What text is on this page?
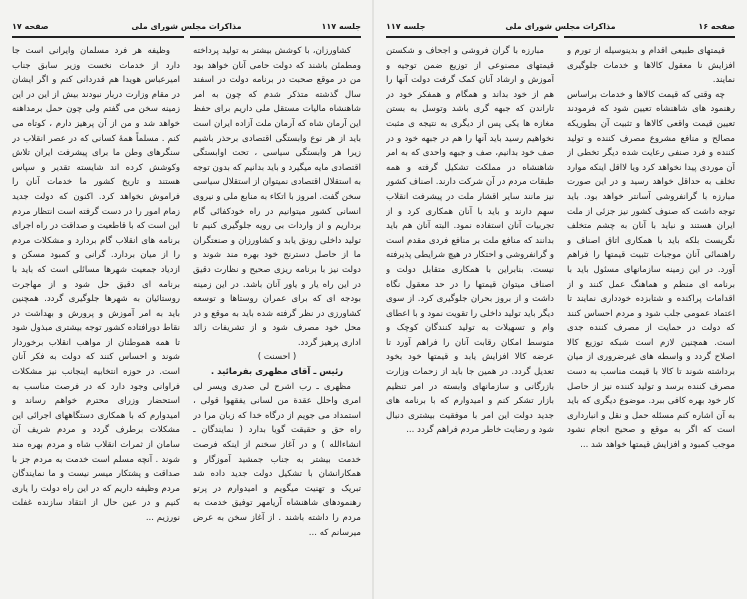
جلسه ۱۱۷
مذاکرات مجلس شورای ملی
صفحه ۱۷

کشاورزان، با کوشش بیشتر به تولید پرداخته ومطمئن باشند که دولت حامی آنان خواهد بود من در موقع صحبت در برنامه دولت در اسفند سال گذشته متذکر شدم که چون به امر شاهنشاه مالیات مستقل ملی داریم برای حفظ این آرمان شاه که آرمان ملت آزاده ایران است باید از هر نوع وابستگی اقتصادی برحذر باشیم زیرا هر وابستگی سیاسی ، تحت اوابستگی اقتصادی مایه میگیرد و باید بدانیم که بدون توجه به استقلال اقتصادی نمیتوان از استقلال سیاسی سخن گفت. امروز با اتکاء به منابع ملی و نیروی انسانی کشور میتوانیم در راه خودکفائی گام برداریم و از واردات بی رویه جلوگیری کنیم تا تولید داخلی رونق یابد و کشاورزان و صنعتگران ما از حاصل دسترنج خود بهره مند شوند و دولت نیز با برنامه ریزی صحیح و نظارت دقیق در این راه یار و یاور آنان باشد. در این زمینه بودجه ای که برای عمران روستاها و توسعه کشاورزی در نظر گرفته شده باید به موقع و در محل خود مصرف شود و از تشریفات زائد اداری پرهیز گردد.

( احسنت )

رئیس ـ آقای مظهری بفرمائید .

مظهری ـ رب اشرح لی صدری ویسر لی امری واحلل عقدة من لسانی یفقهوا قولی ، استمداد می جویم از درگاه خدا که زبان مرا در راه حق و حقیقت گویا بدارد ( نمایندگان ـ انشاءالله ) و در آغاز سخنم از اینکه فرصت خدمت بیشتر به جناب جمشید آموزگار و همکارانشان با تشکیل دولت جدید داده شد تبریک و تهنیت میگویم و امیدوارم در پرتو رهنمودهای شاهنشاه آریامهر توفیق خدمت به مردم را داشته باشند . از آغاز سخن به عرض میرسانم که ...

وظیفه هر فرد مسلمان وایرانی است جا دارد از خدمات نخست وزیر سابق جناب امیرعباس هویدا هم قدردانی کنم و اگر ایشان در مقام وزارت دربار نبودند بیش از این در این زمینه سخن می گفتم ولی چون حمل برمداهنه خواهد شد و من از آن پرهیز دارم ، کوتاه می کنم . مسلماً همهٔ کسانی که در عصر انقلاب در سنگرهای وطن ما برای پیشرفت ایران تلاش وکوشش کرده اند شایسته تقدیر و سپاس هستند و تاریخ کشور ما خدمات آنان را فراموش نخواهد کرد. اکنون که دولت جدید زمام امور را در دست گرفته است انتظار مردم این است که با قاطعیت و صداقت در راه اجرای برنامه های انقلاب گام بردارد و مشکلات مردم را از میان بردارد. گرانی و کمبود مسکن و ازدیاد جمعیت شهرها مسائلی است که باید با برنامه ای دقیق حل شود و از مهاجرت روستائیان به شهرها جلوگیری گردد. همچنین باید به امر آموزش و پرورش و بهداشت در نقاط دورافتاده کشور توجه بیشتری مبذول شود تا همه هموطنان از مواهب انقلاب برخوردار شوند و احساس کنند که دولت به فکر آنان است. در حوزه انتخابیه اینجانب نیز مشکلات فراوانی وجود دارد که در فرصت مناسب به استحضار وزرای محترم خواهم رساند و امیدوارم که با همکاری دستگاههای اجرائی این مشکلات برطرف گردد و مردم شریف آن سامان از ثمرات انقلاب شاه و مردم بهره مند شوند . آنچه مسلم است خدمت به مردم جز با صداقت و پشتکار میسر نیست و ما نمایندگان مردم وظیفه داریم که در این راه دولت را یاری کنیم و در عین حال از انتقاد سازنده غفلت نورزیم ...

جلسه ۱۱۷	مذاکرات مجلس شورای ملی	صفحه ۱۶

قیمتهای طبیعی اقدام و بدینوسیله از تورم و افزایش نا معقول کالاها و خدمات جلوگیری نمایند.

چه وقتی که قیمت کالاها و خدمات براساس رهنمود های شاهنشاه تعیین شود که فرمودند تعیین قیمت واقعی کالاها و تثبیت آن بطوریکه مصالح و منافع مشروع مصرف کننده و تولید کننده و فرد صنفی رعایت شده دیگر تخطی از آن موردی پیدا نخواهد کرد ویا لااقل اینکه موارد تخلف به حداقل خواهد رسید و در این صورت مبارزه با گرانفروشی آسانتر خواهد بود. باید توجه داشت که صنوف کشور نیز جزئی از ملت ایران هستند و نباید با آنان به چشم متخلف نگریست بلکه باید با همکاری اتاق اصناف و راهنمائی آنان موجبات تثبیت قیمتها را فراهم آورد. در این زمینه سازمانهای مسئول باید با برنامه ای منظم و هماهنگ عمل کنند و از اقدامات پراکنده و شتابزده خودداری نمایند تا اعتماد عمومی جلب شود و مردم احساس کنند که دولت در حمایت از مصرف کننده جدی است. همچنین لازم است شبکه توزیع کالا اصلاح گردد و واسطه های غیرضروری از میان برداشته شوند تا کالا با قیمت مناسب به دست مصرف کننده برسد و تولید کننده نیز از حاصل کار خود بهره کافی ببرد. موضوع دیگری که باید به آن اشاره کنم مسئله حمل و نقل و انبارداری است که اگر به موقع و صحیح انجام نشود موجب کمبود و افزایش قیمتها خواهد شد ...

مبارزه با گران فروشی و اجحاف و شکستن قیمتهای مصنوعی از توزیع ضمن توجیه و آموزش و ارشاد آنان کمک گرفت دولت آنها را هم از خود بداند و همگام و همفکر خود در تاراندن که جبهه گری باشد وتوسل به بستن مغازه ها یکی پس از دیگری به نتیجه ی مثبت نخواهیم رسید باید آنها را هم در جبهه خود و در صف خود بدانیم، صف و جبهه واحدی که به امر شاهنشاه در مملکت تشکیل گرفته و همه طبقات مردم در آن شرکت دارند. اصناف کشور نیز مانند سایر اقشار ملت در پیشرفت انقلاب سهم دارند و باید با آنان همکاری کرد و از تجربیات آنان استفاده نمود. البته آنان هم باید بدانند که منافع ملت بر منافع فردی مقدم است و گرانفروشی و احتکار در هیچ شرایطی پذیرفته نیست. بنابراین با همکاری متقابل دولت و اصناف میتوان قیمتها را در حد معقول نگاه داشت و از بروز بحران جلوگیری کرد. از سوی دیگر باید تولید داخلی را تقویت نمود و با اعطای وام و تسهیلات به تولید کنندگان کوچک و متوسط امکان رقابت آنان را فراهم آورد تا عرضه کالا افزایش یابد و قیمتها خود بخود تعدیل گردد. در همین جا باید از زحمات وزارت بازرگانی و سازمانهای وابسته در امر تنظیم بازار تشکر کنم و امیدوارم که با برنامه های جدید دولت این امر با موفقیت بیشتری دنبال شود و رضایت خاطر مردم فراهم گردد ...
